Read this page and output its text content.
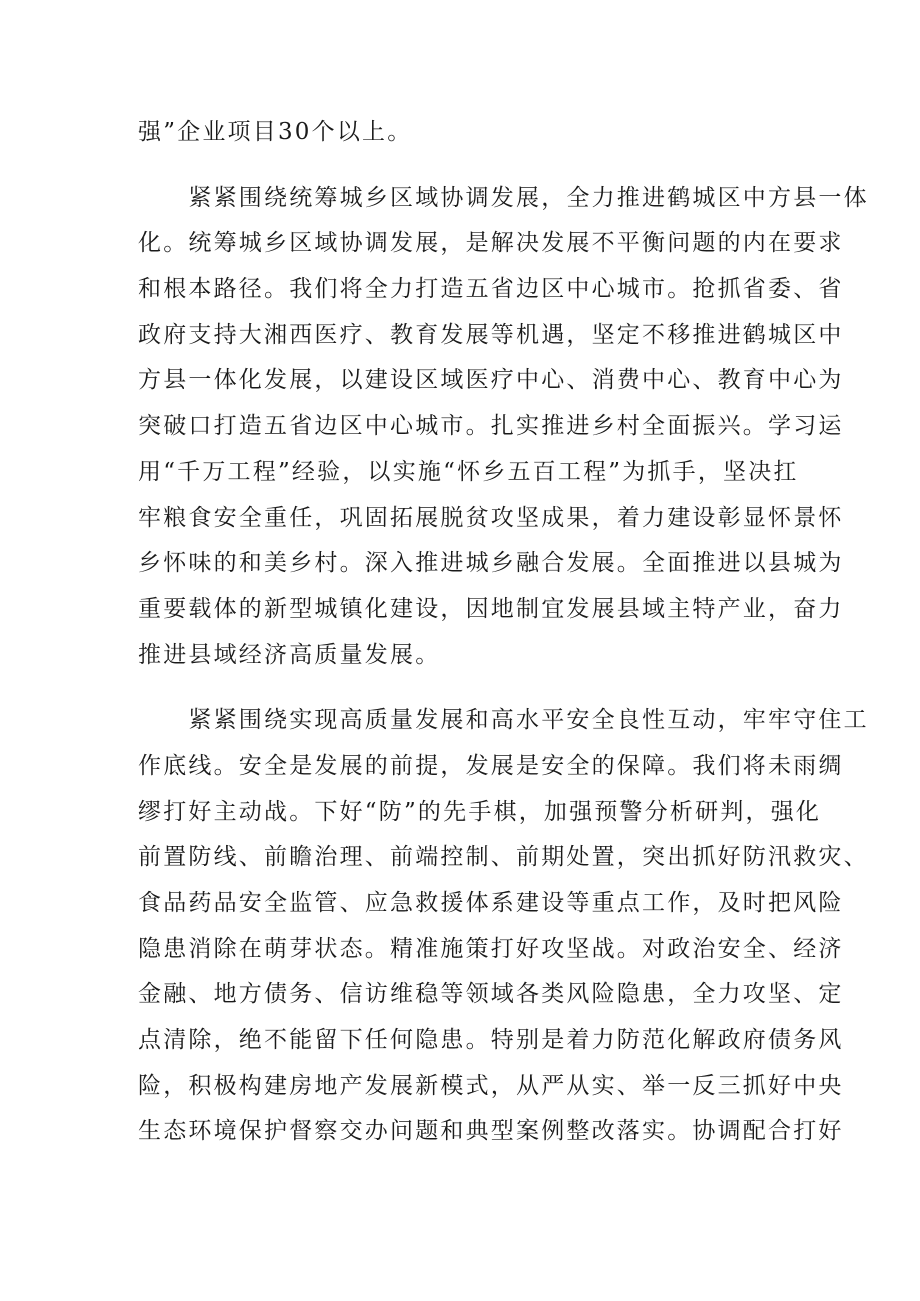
强”企业项目30个以上。
　　紧紧围绕统筹城乡区域协调发展，全力推进鹤城区中方县一体
化。统筹城乡区域协调发展，是解决发展不平衡问题的内在要求
和根本路径。我们将全力打造五省边区中心城市。抢抓省委、省
政府支持大湘西医疗、教育发展等机遇，坚定不移推进鹤城区中
方县一体化发展，以建设区域医疗中心、消费中心、教育中心为
突破口打造五省边区中心城市。扎实推进乡村全面振兴。学习运
用“千万工程”经验，以实施“怀乡五百工程”为抓手，坚决扛
牢粮食安全重任，巩固拓展脱贫攻坚成果，着力建设彰显怀景怀
乡怀味的和美乡村。深入推进城乡融合发展。全面推进以县城为
重要载体的新型城镇化建设，因地制宜发展县域主特产业，奋力
推进县域经济高质量发展。
　　紧紧围绕实现高质量发展和高水平安全良性互动，牢牢守住工
作底线。安全是发展的前提，发展是安全的保障。我们将未雨绸
缪打好主动战。下好“防”的先手棋，加强预警分析研判，强化
前置防线、前瞻治理、前端控制、前期处置，突出抓好防汛救灾、
食品药品安全监管、应急救援体系建设等重点工作，及时把风险
隐患消除在萌芽状态。精准施策打好攻坚战。对政治安全、经济
金融、地方债务、信访维稳等领域各类风险隐患，全力攻坚、定
点清除，绝不能留下任何隐患。特别是着力防范化解政府债务风
险，积极构建房地产发展新模式，从严从实、举一反三抓好中央
生态环境保护督察交办问题和典型案例整改落实。协调配合打好
